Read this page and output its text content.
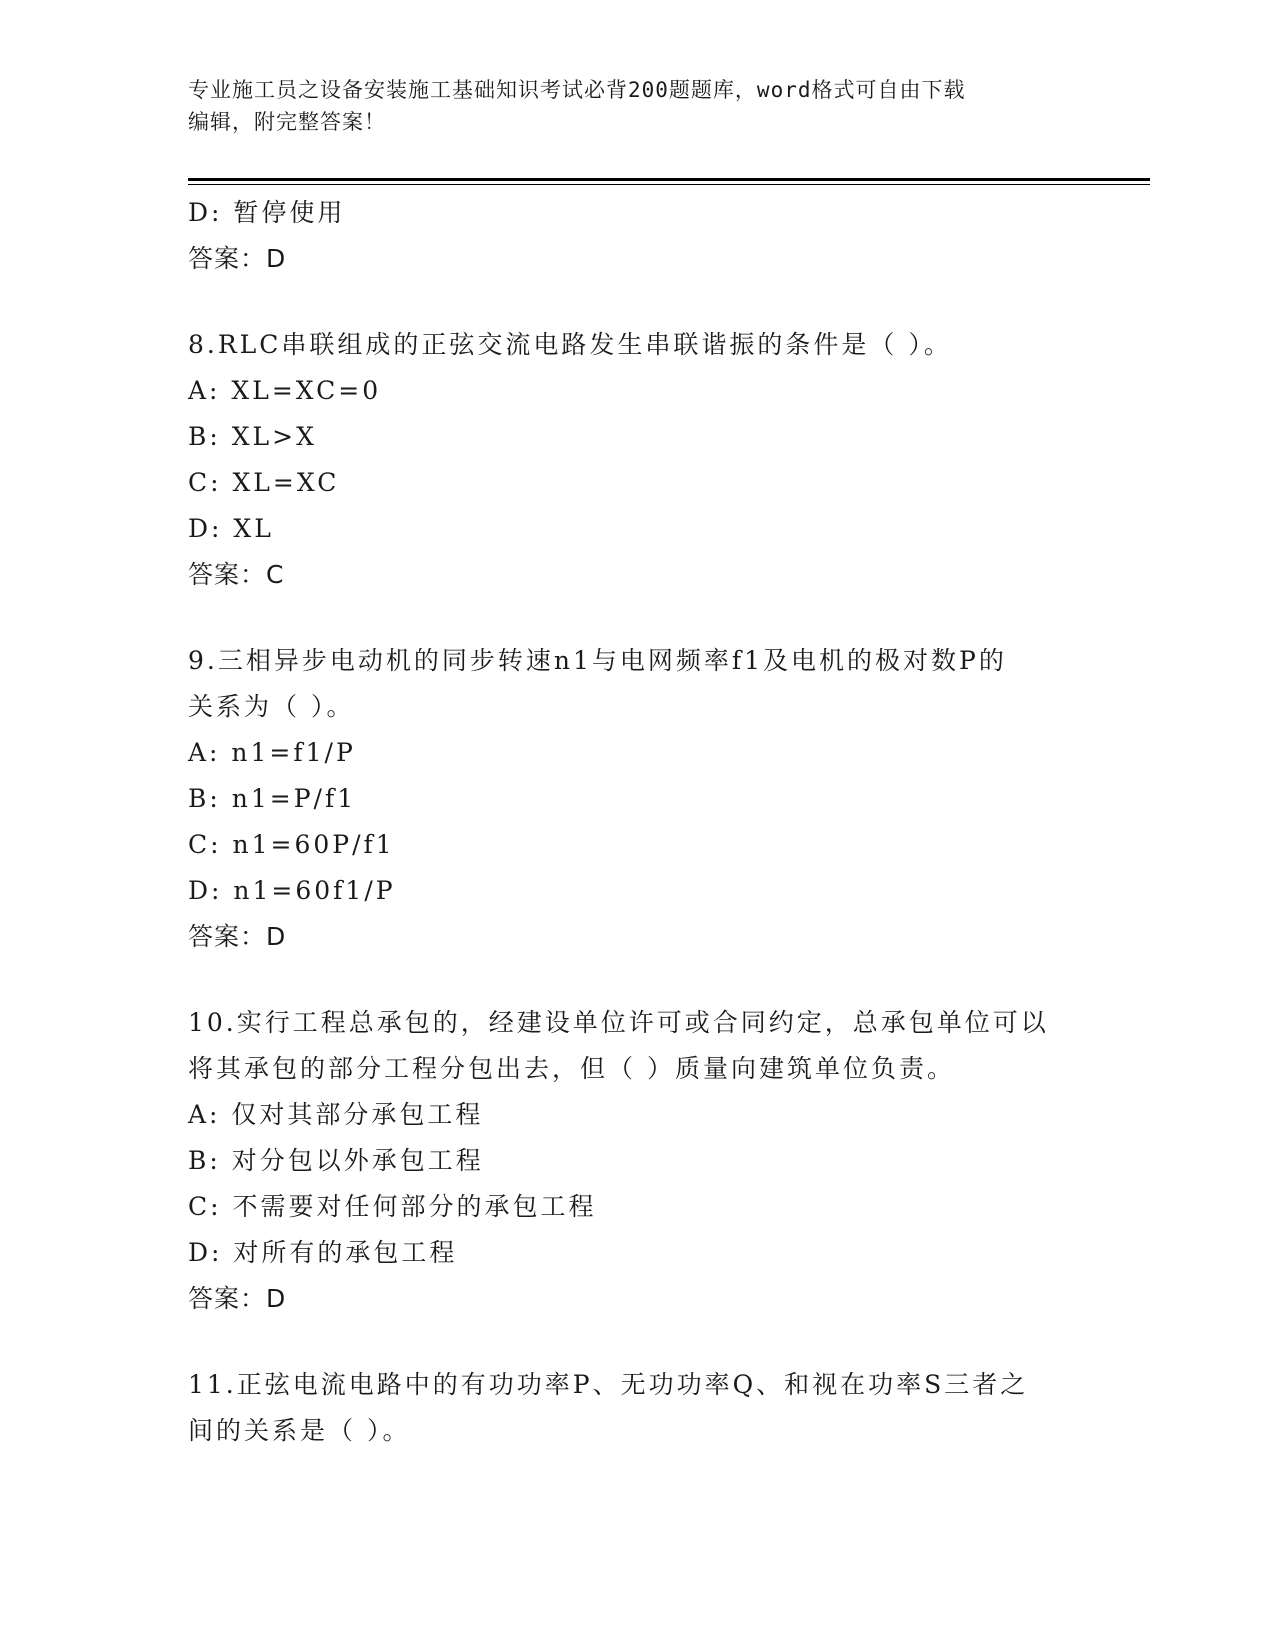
专业施工员之设备安装施工基础知识考试必背200题题库，word格式可自由下载
编辑，附完整答案！
D: 暂停使用
答案：D
8.RLC串联组成的正弦交流电路发生串联谐振的条件是（ ）。
A: XL=XC=0
B: XL>X
C: XL=XC
D: XL
答案：C
9.三相异步电动机的同步转速n1与电网频率f1及电机的极对数P的
关系为（ ）。
A: n1=f1/P
B: n1=P/f1
C: n1=60P/f1
D: n1=60f1/P
答案：D
10.实行工程总承包的，经建设单位许可或合同约定，总承包单位可以
将其承包的部分工程分包出去，但（ ）质量向建筑单位负责。
A: 仅对其部分承包工程
B: 对分包以外承包工程
C: 不需要对任何部分的承包工程
D: 对所有的承包工程
答案：D
11.正弦电流电路中的有功功率P、无功功率Q、和视在功率S三者之
间的关系是（ ）。
